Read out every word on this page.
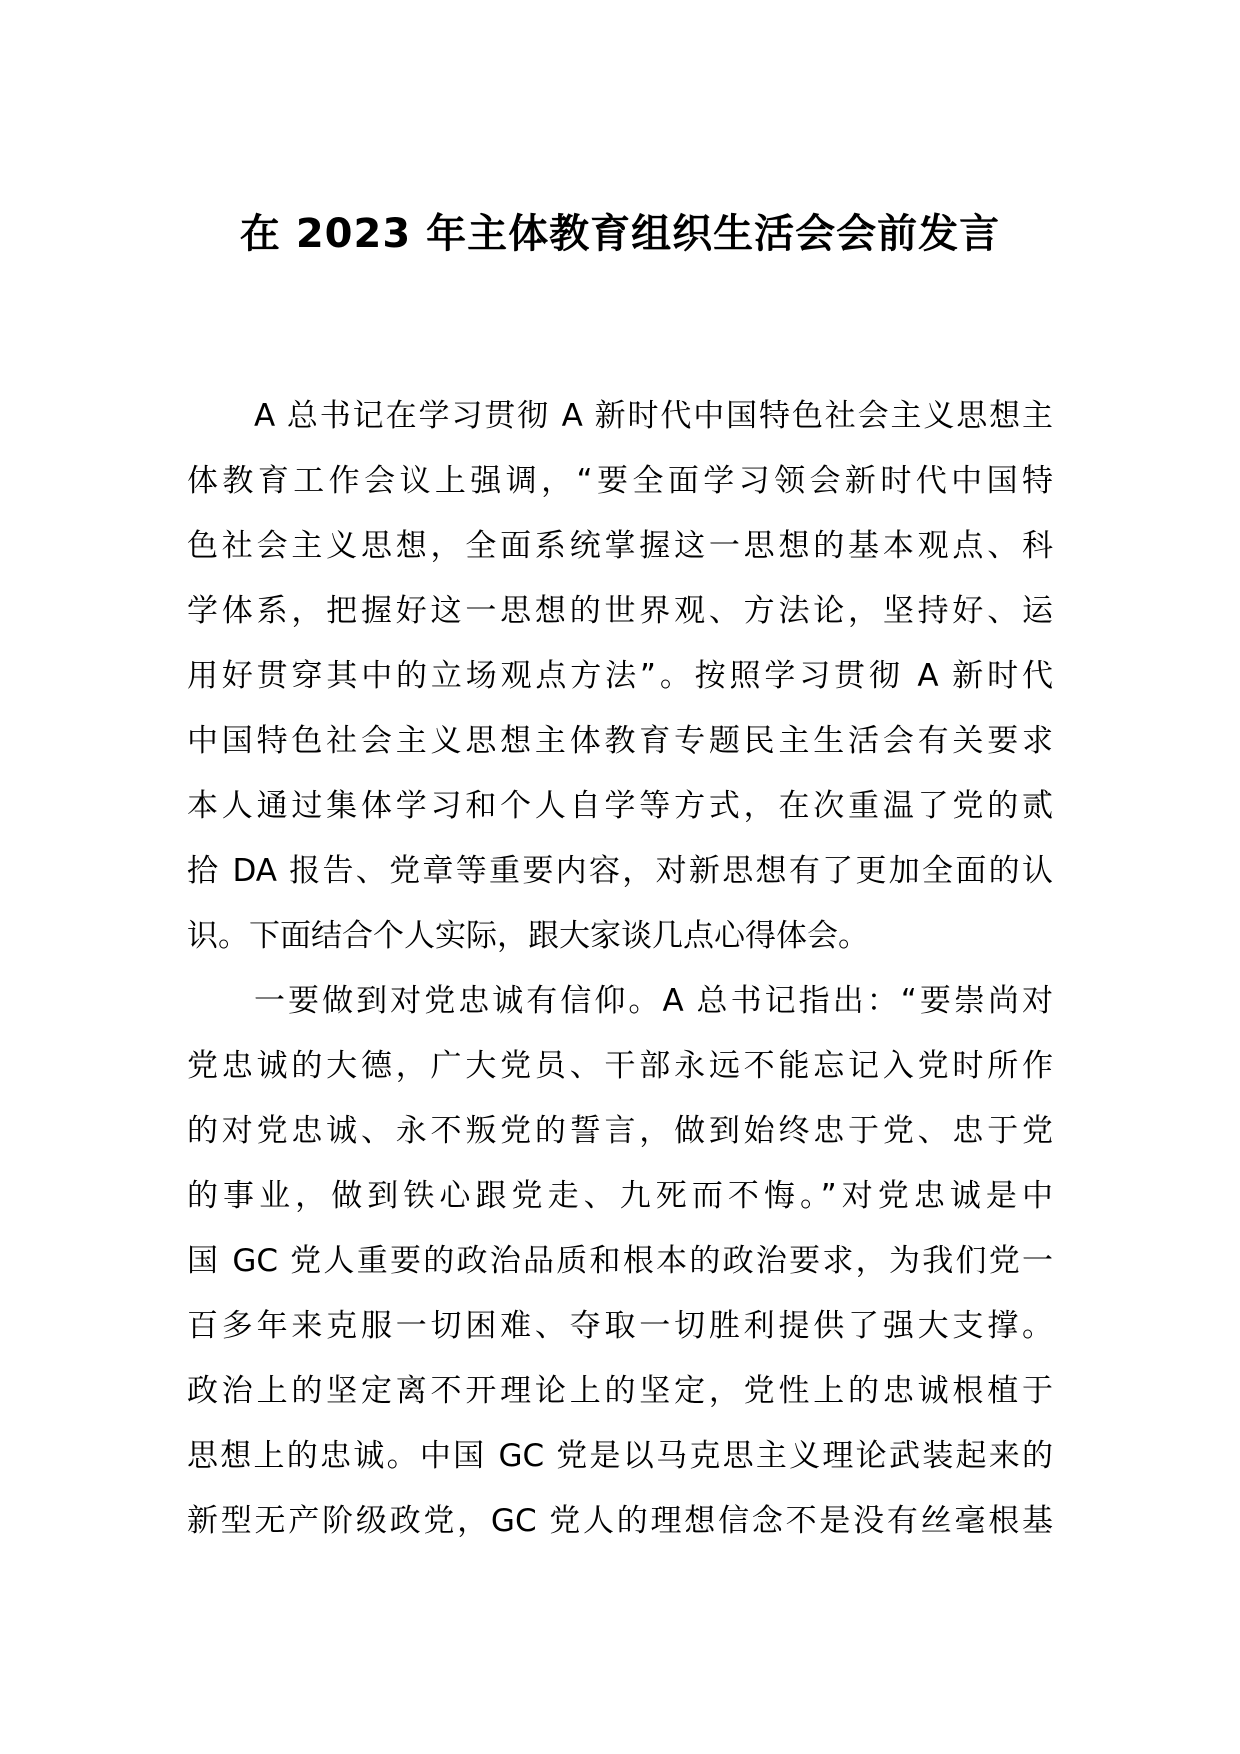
在 2023 年主体教育组织生活会会前发言
A 总书记在学习贯彻 A 新时代中国特色社会主义思想主
体教育工作会议上强调，“要全面学习领会新时代中国特
色社会主义思想，全面系统掌握这一思想的基本观点、科
学体系，把握好这一思想的世界观、方法论，坚持好、运
用好贯穿其中的立场观点方法”。按照学习贯彻 A 新时代
中国特色社会主义思想主体教育专题民主生活会有关要求
本人通过集体学习和个人自学等方式，在次重温了党的贰
拾 DA 报告、党章等重要内容，对新思想有了更加全面的认
识。下面结合个人实际，跟大家谈几点心得体会。
一要做到对党忠诚有信仰。A 总书记指出：“要崇尚对
党忠诚的大德，广大党员、干部永远不能忘记入党时所作
的对党忠诚、永不叛党的誓言，做到始终忠于党、忠于党
的事业，做到铁心跟党走、九死而不悔。”对党忠诚是中
国 GC 党人重要的政治品质和根本的政治要求，为我们党一
百多年来克服一切困难、夺取一切胜利提供了强大支撑。
政治上的坚定离不开理论上的坚定，党性上的忠诚根植于
思想上的忠诚。中国 GC 党是以马克思主义理论武装起来的
新型无产阶级政党，GC 党人的理想信念不是没有丝毫根基
